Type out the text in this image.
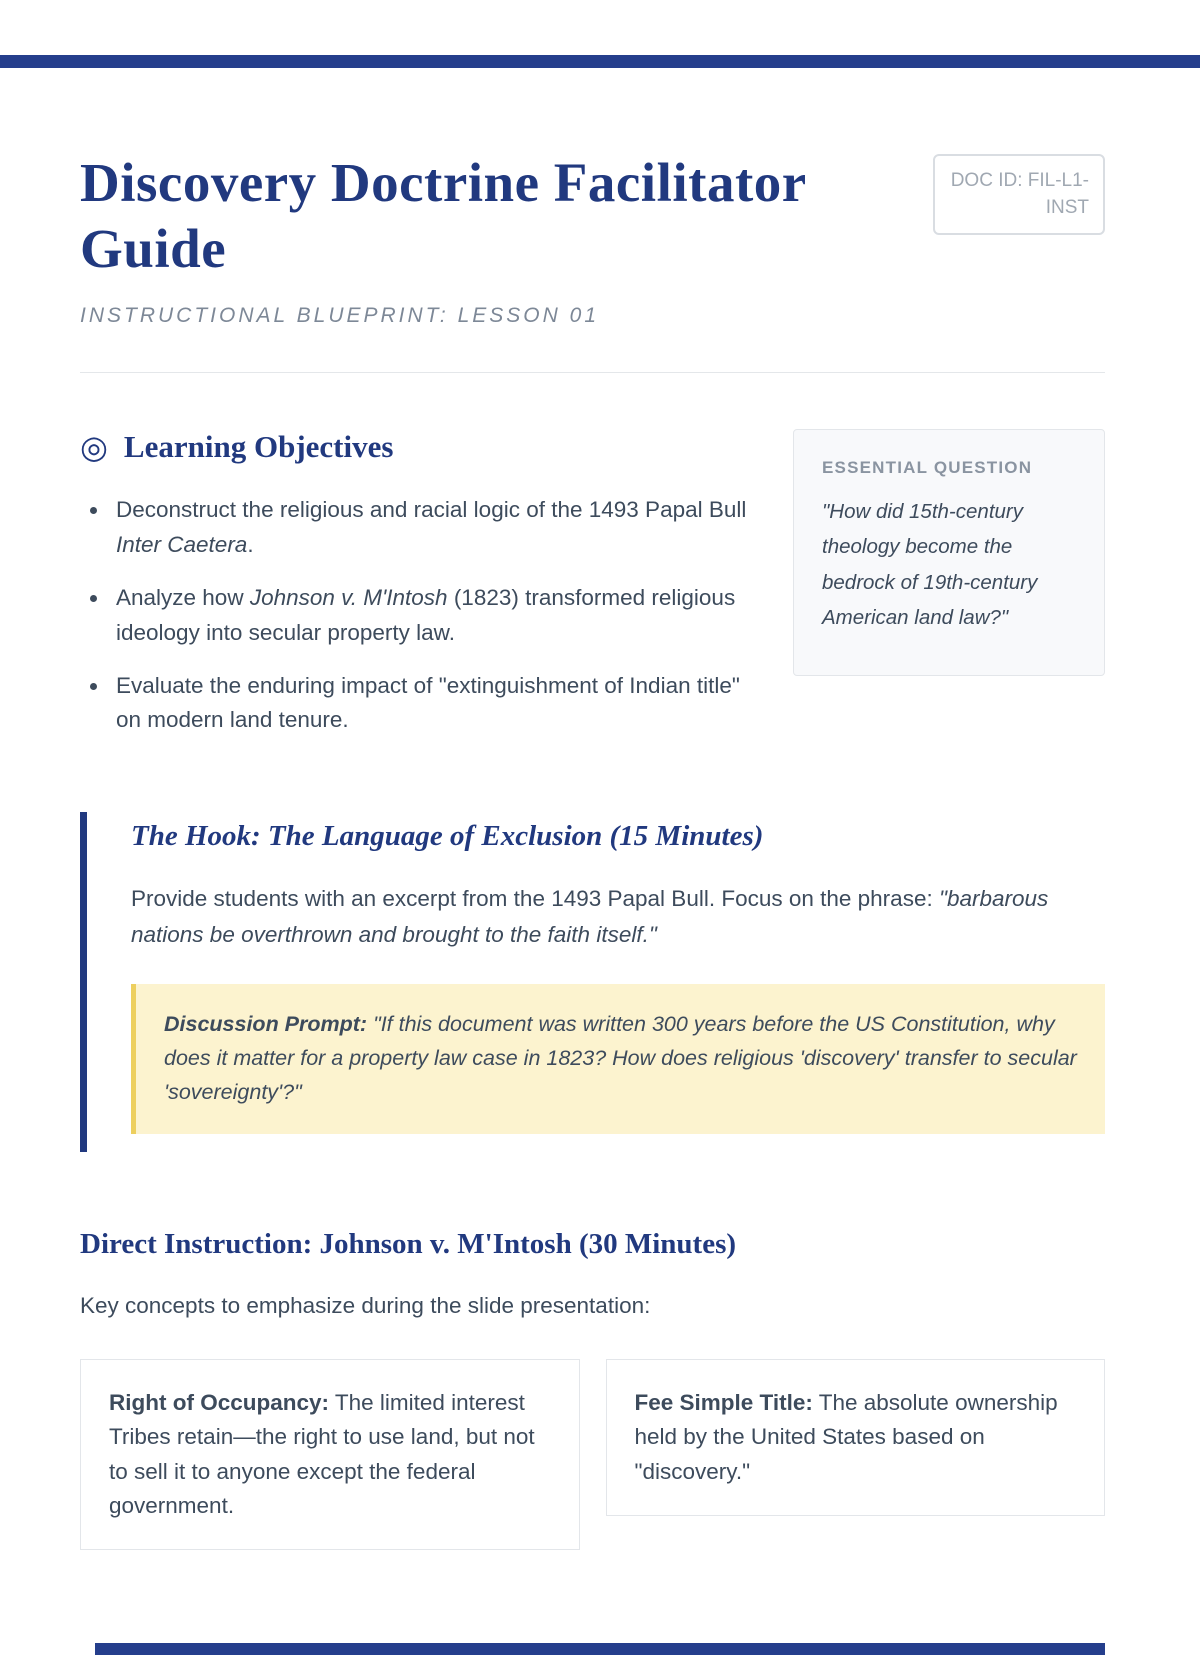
Discovery Doctrine Facilitator Guide
DOC ID: FIL-L1-INST
INSTRUCTIONAL BLUEPRINT: LESSON 01
◎ Learning Objectives
• Deconstruct the religious and racial logic of the 1493 Papal Bull Inter Caetera.
• Analyze how Johnson v. M'Intosh (1823) transformed religious ideology into secular property law.
• Evaluate the enduring impact of "extinguishment of Indian title" on modern land tenure.
ESSENTIAL QUESTION
"How did 15th-century theology become the bedrock of 19th-century American land law?"
The Hook: The Language of Exclusion (15 Minutes)

Provide students with an excerpt from the 1493 Papal Bull. Focus on the phrase: "barbarous nations be overthrown and brought to the faith itself."

Discussion Prompt: "If this document was written 300 years before the US Constitution, why does it matter for a property law case in 1823? How does religious 'discovery' transfer to secular 'sovereignty'?"
Direct Instruction: Johnson v. M'Intosh (30 Minutes)

Key concepts to emphasize during the slide presentation:

Right of Occupancy: The limited interest Tribes retain—the right to use land, but not to sell it to anyone except the federal government.
Fee Simple Title: The absolute ownership held by the United States based on "discovery."
